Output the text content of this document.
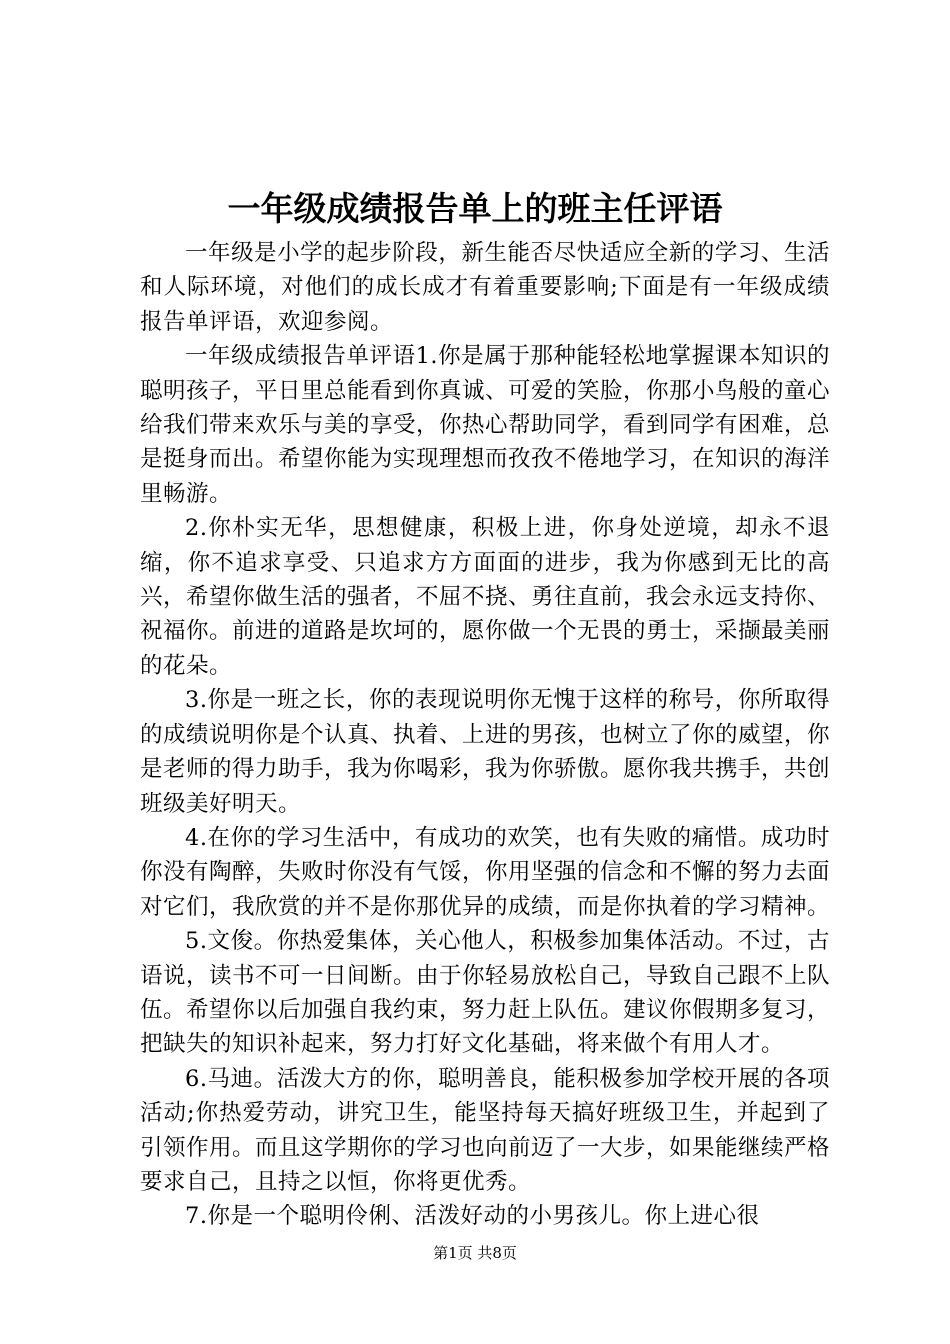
一年级成绩报告单上的班主任评语

一年级是小学的起步阶段，新生能否尽快适应全新的学习、生活和人际环境，对他们的成长成才有着重要影响;下面是有一年级成绩报告单评语，欢迎参阅。

一年级成绩报告单评语1.你是属于那种能轻松地掌握课本知识的聪明孩子，平日里总能看到你真诚、可爱的笑脸，你那小鸟般的童心给我们带来欢乐与美的享受，你热心帮助同学，看到同学有困难，总是挺身而出。希望你能为实现理想而孜孜不倦地学习，在知识的海洋里畅游。

2.你朴实无华，思想健康，积极上进，你身处逆境，却永不退缩，你不追求享受、只追求方方面面的进步，我为你感到无比的高兴，希望你做生活的强者，不屈不挠、勇往直前，我会永远支持你、祝福你。前进的道路是坎坷的，愿你做一个无畏的勇士，采撷最美丽的花朵。

3.你是一班之长，你的表现说明你无愧于这样的称号，你所取得的成绩说明你是个认真、执着、上进的男孩，也树立了你的威望，你是老师的得力助手，我为你喝彩，我为你骄傲。愿你我共携手，共创班级美好明天。

4.在你的学习生活中，有成功的欢笑，也有失败的痛惜。成功时你没有陶醉，失败时你没有气馁，你用坚强的信念和不懈的努力去面对它们，我欣赏的并不是你那优异的成绩，而是你执着的学习精神。

5.文俊。你热爱集体，关心他人，积极参加集体活动。不过，古语说，读书不可一日间断。由于你轻易放松自己，导致自己跟不上队伍。希望你以后加强自我约束，努力赶上队伍。建议你假期多复习，把缺失的知识补起来，努力打好文化基础，将来做个有用人才。

6.马迪。活泼大方的你，聪明善良，能积极参加学校开展的各项活动;你热爱劳动，讲究卫生，能坚持每天搞好班级卫生，并起到了引领作用。而且这学期你的学习也向前迈了一大步，如果能继续严格要求自己，且持之以恒，你将更优秀。

7.你是一个聪明伶俐、活泼好动的小男孩儿。你上进心很

第1页 共8页
